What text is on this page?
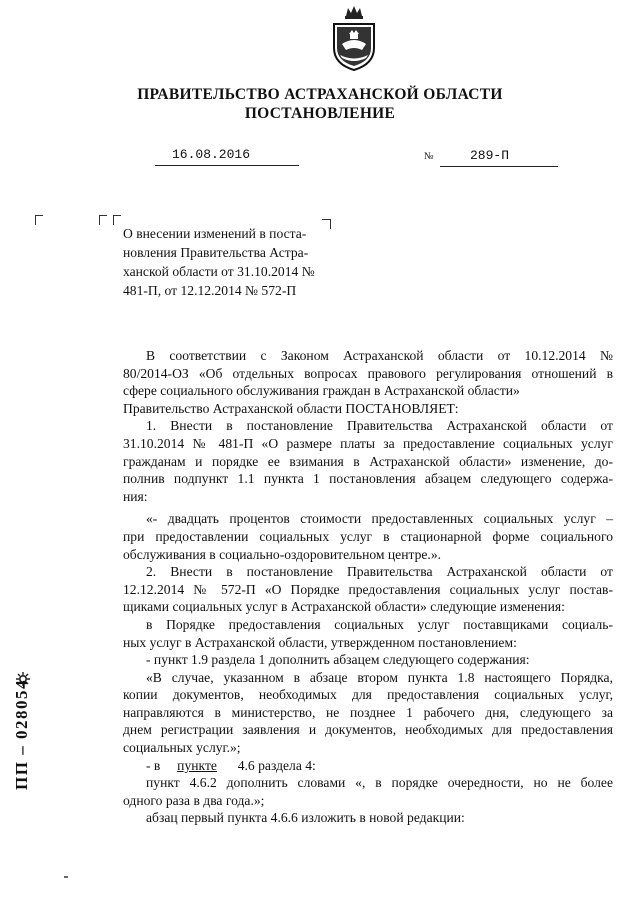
ПРАВИТЕЛЬСТВО АСТРАХАНСКОЙ ОБЛАСТИ
ПОСТАНОВЛЕНИЕ
16.08.2016	№	289-П
О внесении изменений в поста-
новления Правительства Астра-
ханской области от 31.10.2014 №
481-П, от 12.12.2014 № 572-П
В соответствии с Законом Астраханской области от 10.12.2014 №
80/2014-ОЗ «Об отдельных вопросах правового регулирования отношений в
сфере социального обслуживания граждан в Астраханской области»
Правительство Астраханской области ПОСТАНОВЛЯЕТ:
1. Внести в постановление Правительства Астраханской области от
31.10.2014 № 481-П «О размере платы за предоставление социальных услуг
гражданам и порядке ее взимания в Астраханской области» изменение, до-
полнив подпункт 1.1 пункта 1 постановления абзацем следующего содержа-
ния:
«- двадцать процентов стоимости предоставленных социальных услуг –
при предоставлении социальных услуг в стационарной форме социального
обслуживания в социально-оздоровительном центре.».
2. Внести в постановление Правительства Астраханской области от
12.12.2014 № 572-П «О Порядке предоставления социальных услуг постав-
щиками социальных услуг в Астраханской области» следующие изменения:
в Порядке предоставления социальных услуг поставщиками социаль-
ных услуг в Астраханской области, утвержденном постановлением:
- пункт 1.9 раздела 1 дополнить абзацем следующего содержания:
«В случае, указанном в абзаце втором пункта 1.8 настоящего Порядка,
копии документов, необходимых для предоставления социальных услуг,
направляются в министерство, не позднее 1 рабочего дня, следующего за
днем регистрации заявления и документов, необходимых для предоставления
социальных услуг.»;
- в пункте 4.6 раздела 4:
пункт 4.6.2 дополнить словами «, в порядке очередности, но не более
одного раза в два года.»;
абзац первый пункта 4.6.6 изложить в новой редакции:
ПП – 028054
